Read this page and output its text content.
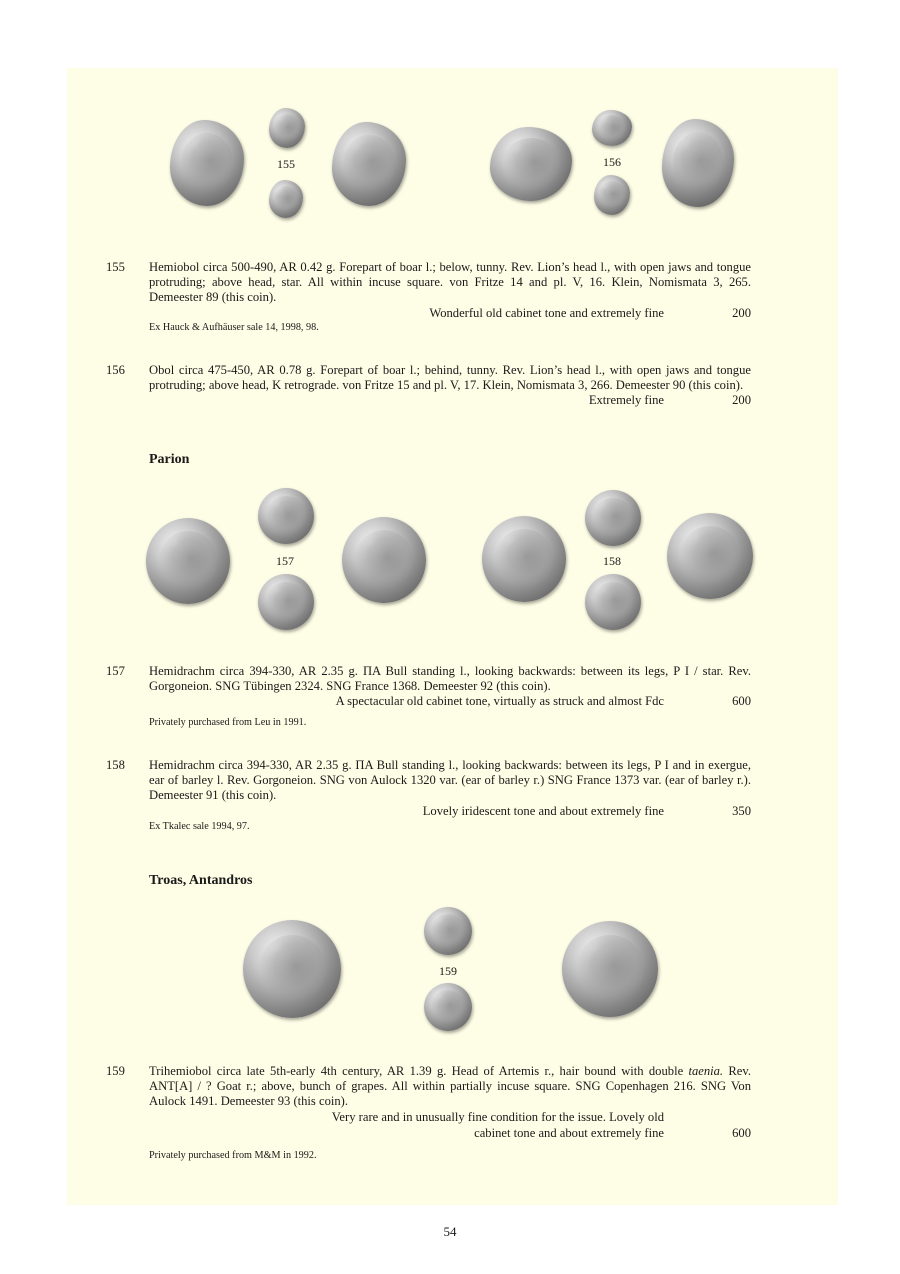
155	156
155 Hemiobol circa 500-490, AR 0.42 g. Forepart of boar l.; below, tunny. Rev. Lion’s head l., with open jaws and tongue protruding; above head, star. All within incuse square. von Fritze 14 and pl. V, 16. Klein, Nomismata 3, 265. Demeester 89 (this coin).
Wonderful old cabinet tone and extremely fine	200
Ex Hauck & Aufhäuser sale 14, 1998, 98.
156 Obol circa 475-450, AR 0.78 g. Forepart of boar l.; behind, tunny. Rev. Lion’s head l., with open jaws and tongue protruding; above head, K retrograde. von Fritze 15 and pl. V, 17. Klein, Nomismata 3, 266. Demeester 90 (this coin).
Extremely fine	200
Parion
157	158
157 Hemidrachm circa 394-330, AR 2.35 g. ΠA Bull standing l., looking backwards: between its legs, P I / star. Rev. Gorgoneion. SNG Tübingen 2324. SNG France 1368. Demeester 92 (this coin).
A spectacular old cabinet tone, virtually as struck and almost Fdc	600
Privately purchased from Leu in 1991.
158 Hemidrachm circa 394-330, AR 2.35 g. ΠA Bull standing l., looking backwards: between its legs, P I and in exergue, ear of barley l. Rev. Gorgoneion. SNG von Aulock 1320 var. (ear of barley r.) SNG France 1373 var. (ear of barley r.). Demeester 91 (this coin).
Lovely iridescent tone and about extremely fine	350
Ex Tkalec sale 1994, 97.
Troas, Antandros
159
159 Trihemiobol circa late 5th-early 4th century, AR 1.39 g. Head of Artemis r., hair bound with double taenia. Rev. ANT[A] / ? Goat r.; above, bunch of grapes. All within partially incuse square. SNG Copenhagen 216. SNG Von Aulock 1491. Demeester 93 (this coin).
Very rare and in unusually fine condition for the issue. Lovely old
cabinet tone and about extremely fine	600
Privately purchased from M&M in 1992.
54
